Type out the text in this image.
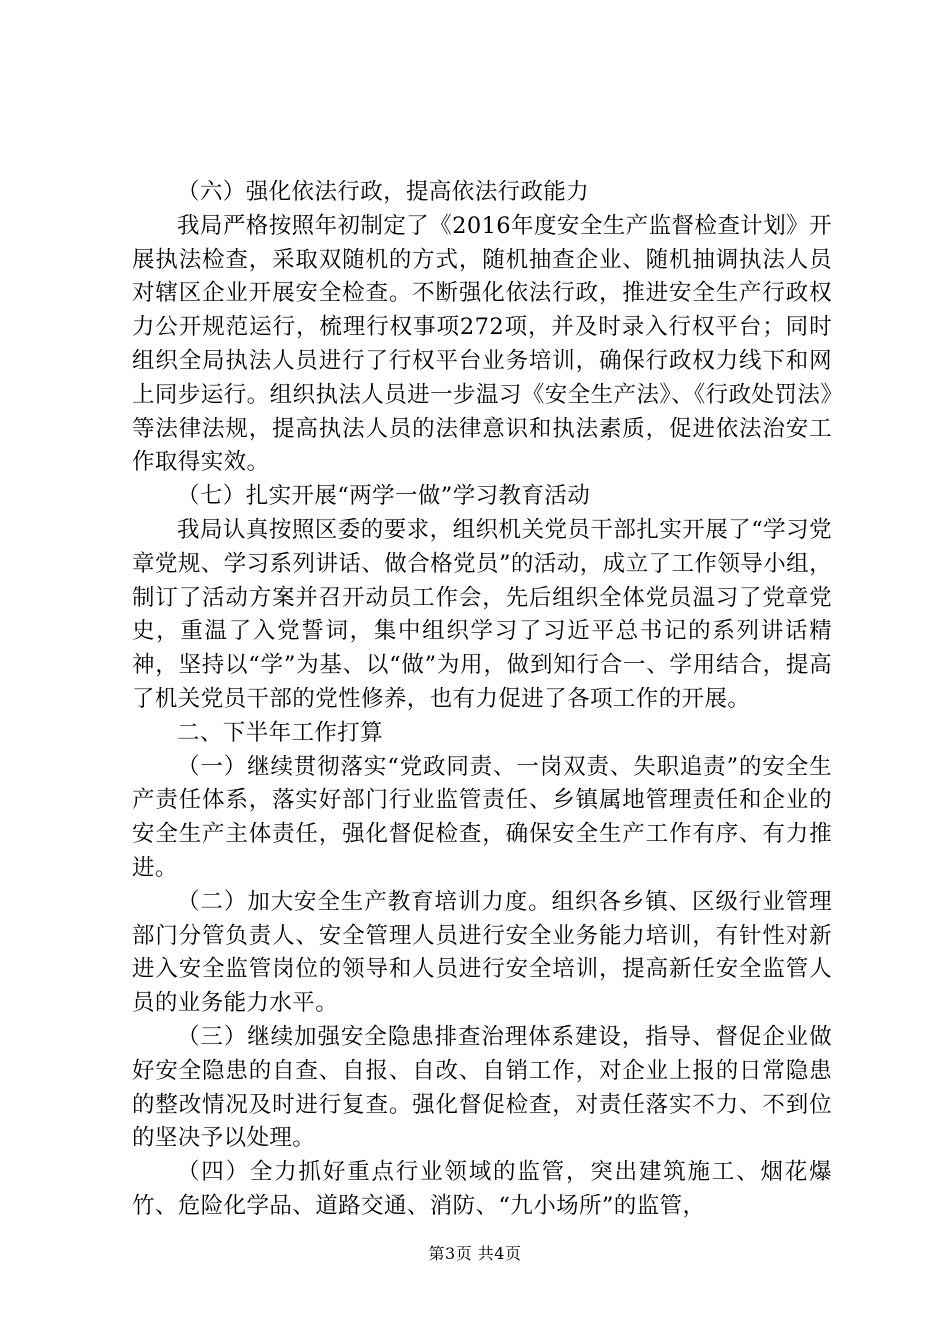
（六）强化依法行政，提高依法行政能力

我局严格按照年初制定了《2016年度安全生产监督检查计划》开展执法检查，采取双随机的方式，随机抽查企业、随机抽调执法人员对辖区企业开展安全检查。不断强化依法行政，推进安全生产行政权力公开规范运行，梳理行权事项272项，并及时录入行权平台；同时组织全局执法人员进行了行权平台业务培训，确保行政权力线下和网上同步运行。组织执法人员进一步温习《安全生产法》、《行政处罚法》等法律法规，提高执法人员的法律意识和执法素质，促进依法治安工作取得实效。

（七）扎实开展“两学一做”学习教育活动

我局认真按照区委的要求，组织机关党员干部扎实开展了“学习党章党规、学习系列讲话、做合格党员”的活动，成立了工作领导小组，制订了活动方案并召开动员工作会，先后组织全体党员温习了党章党史，重温了入党誓词，集中组织学习了习近平总书记的系列讲话精神，坚持以“学”为基、以“做”为用，做到知行合一、学用结合，提高了机关党员干部的党性修养，也有力促进了各项工作的开展。

二、下半年工作打算

（一）继续贯彻落实“党政同责、一岗双责、失职追责”的安全生产责任体系，落实好部门行业监管责任、乡镇属地管理责任和企业的安全生产主体责任，强化督促检查，确保安全生产工作有序、有力推进。

（二）加大安全生产教育培训力度。组织各乡镇、区级行业管理部门分管负责人、安全管理人员进行安全业务能力培训，有针性对新进入安全监管岗位的领导和人员进行安全培训，提高新任安全监管人员的业务能力水平。

（三）继续加强安全隐患排查治理体系建设，指导、督促企业做好安全隐患的自查、自报、自改、自销工作，对企业上报的日常隐患的整改情况及时进行复查。强化督促检查，对责任落实不力、不到位的坚决予以处理。

（四）全力抓好重点行业领域的监管，突出建筑施工、烟花爆竹、危险化学品、道路交通、消防、“九小场所”的监管，

第3页 共4页
